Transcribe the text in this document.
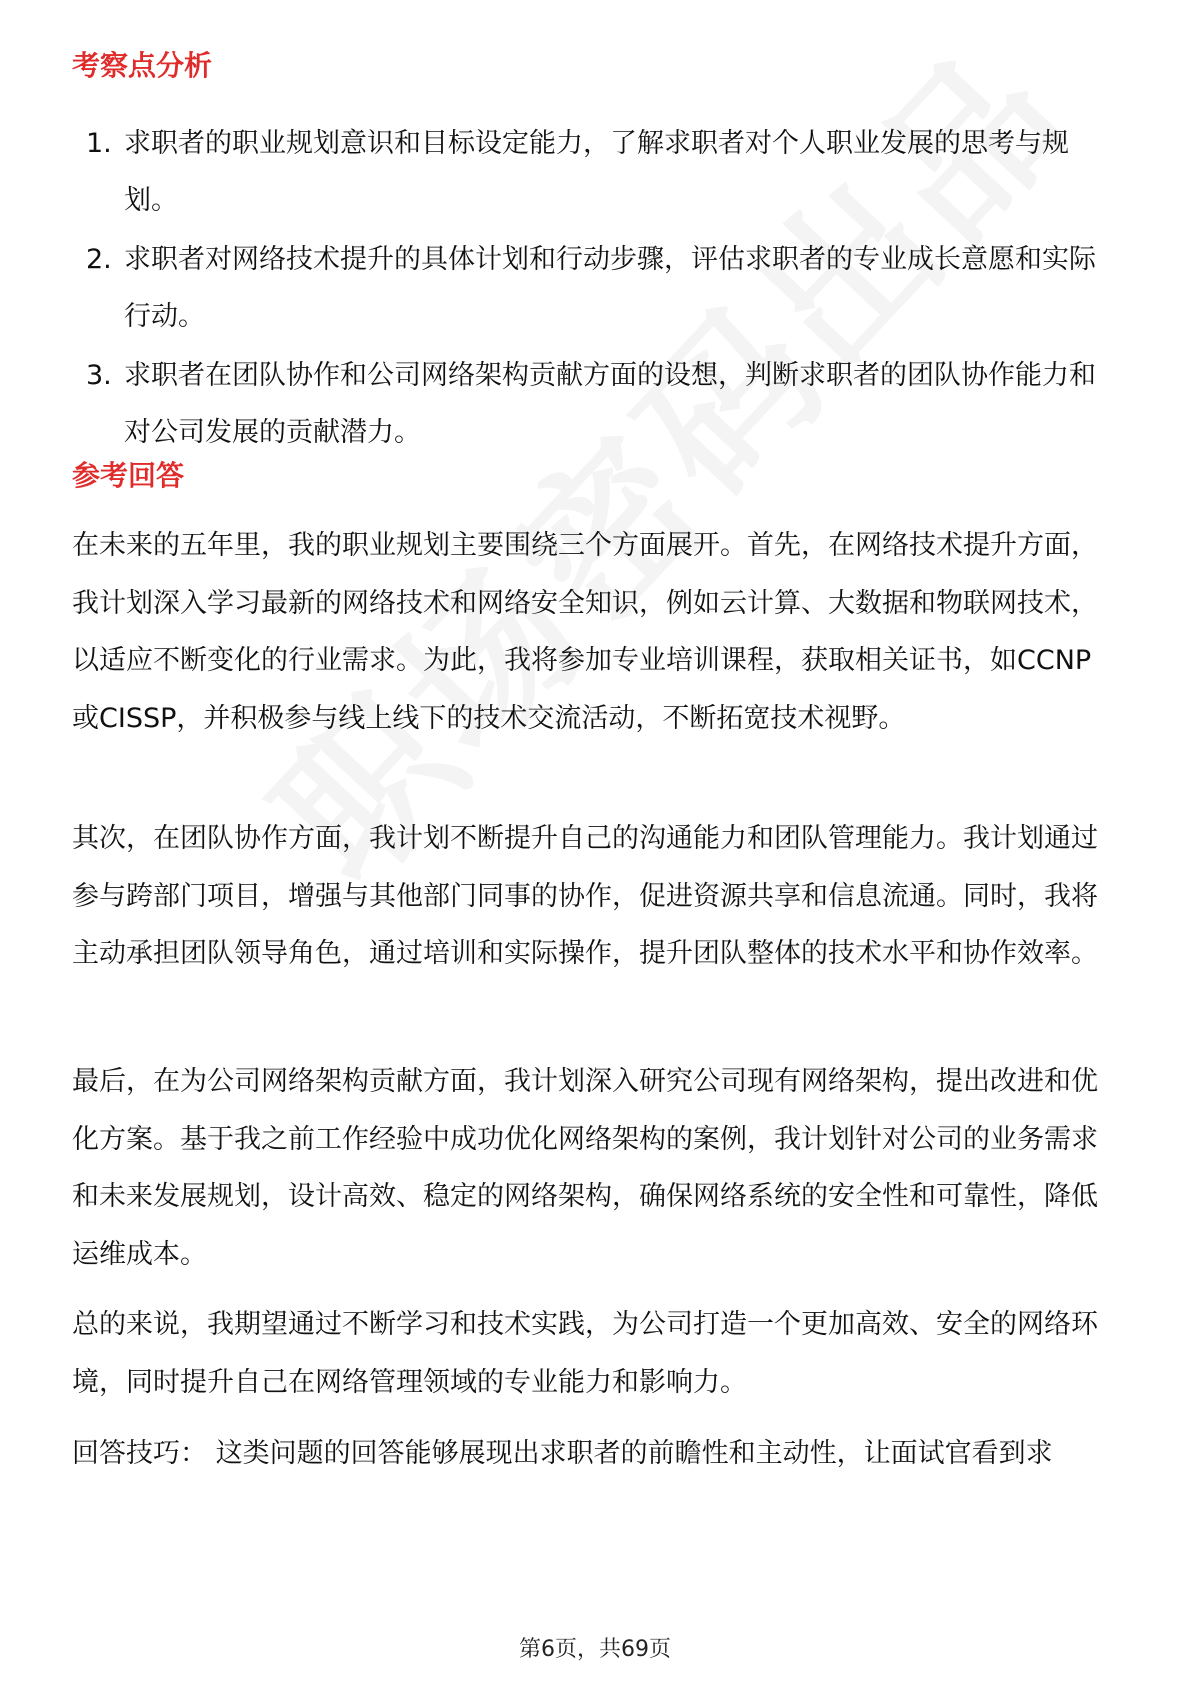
考察点分析
1. 求职者的职业规划意识和目标设定能力，了解求职者对个人职业发展的思考与规划。
2. 求职者对网络技术提升的具体计划和行动步骤，评估求职者的专业成长意愿和实际行动。
3. 求职者在团队协作和公司网络架构贡献方面的设想，判断求职者的团队协作能力和对公司发展的贡献潜力。
参考回答

在未来的五年里，我的职业规划主要围绕三个方面展开。首先，在网络技术提升方面，我计划深入学习最新的网络技术和网络安全知识，例如云计算、大数据和物联网技术，以适应不断变化的行业需求。为此，我将参加专业培训课程，获取相关证书，如CCNP或CISSP，并积极参与线上线下的技术交流活动，不断拓宽技术视野。

其次，在团队协作方面，我计划不断提升自己的沟通能力和团队管理能力。我计划通过参与跨部门项目，增强与其他部门同事的协作，促进资源共享和信息流通。同时，我将主动承担团队领导角色，通过培训和实际操作，提升团队整体的技术水平和协作效率。

最后，在为公司网络架构贡献方面，我计划深入研究公司现有网络架构，提出改进和优化方案。基于我之前工作经验中成功优化网络架构的案例，我计划针对公司的业务需求和未来发展规划，设计高效、稳定的网络架构，确保网络系统的安全性和可靠性，降低运维成本。

总的来说，我期望通过不断学习和技术实践，为公司打造一个更加高效、安全的网络环境，同时提升自己在网络管理领域的专业能力和影响力。

回答技巧： 这类问题的回答能够展现出求职者的前瞻性和主动性，让面试官看到求

第6页，共69页
